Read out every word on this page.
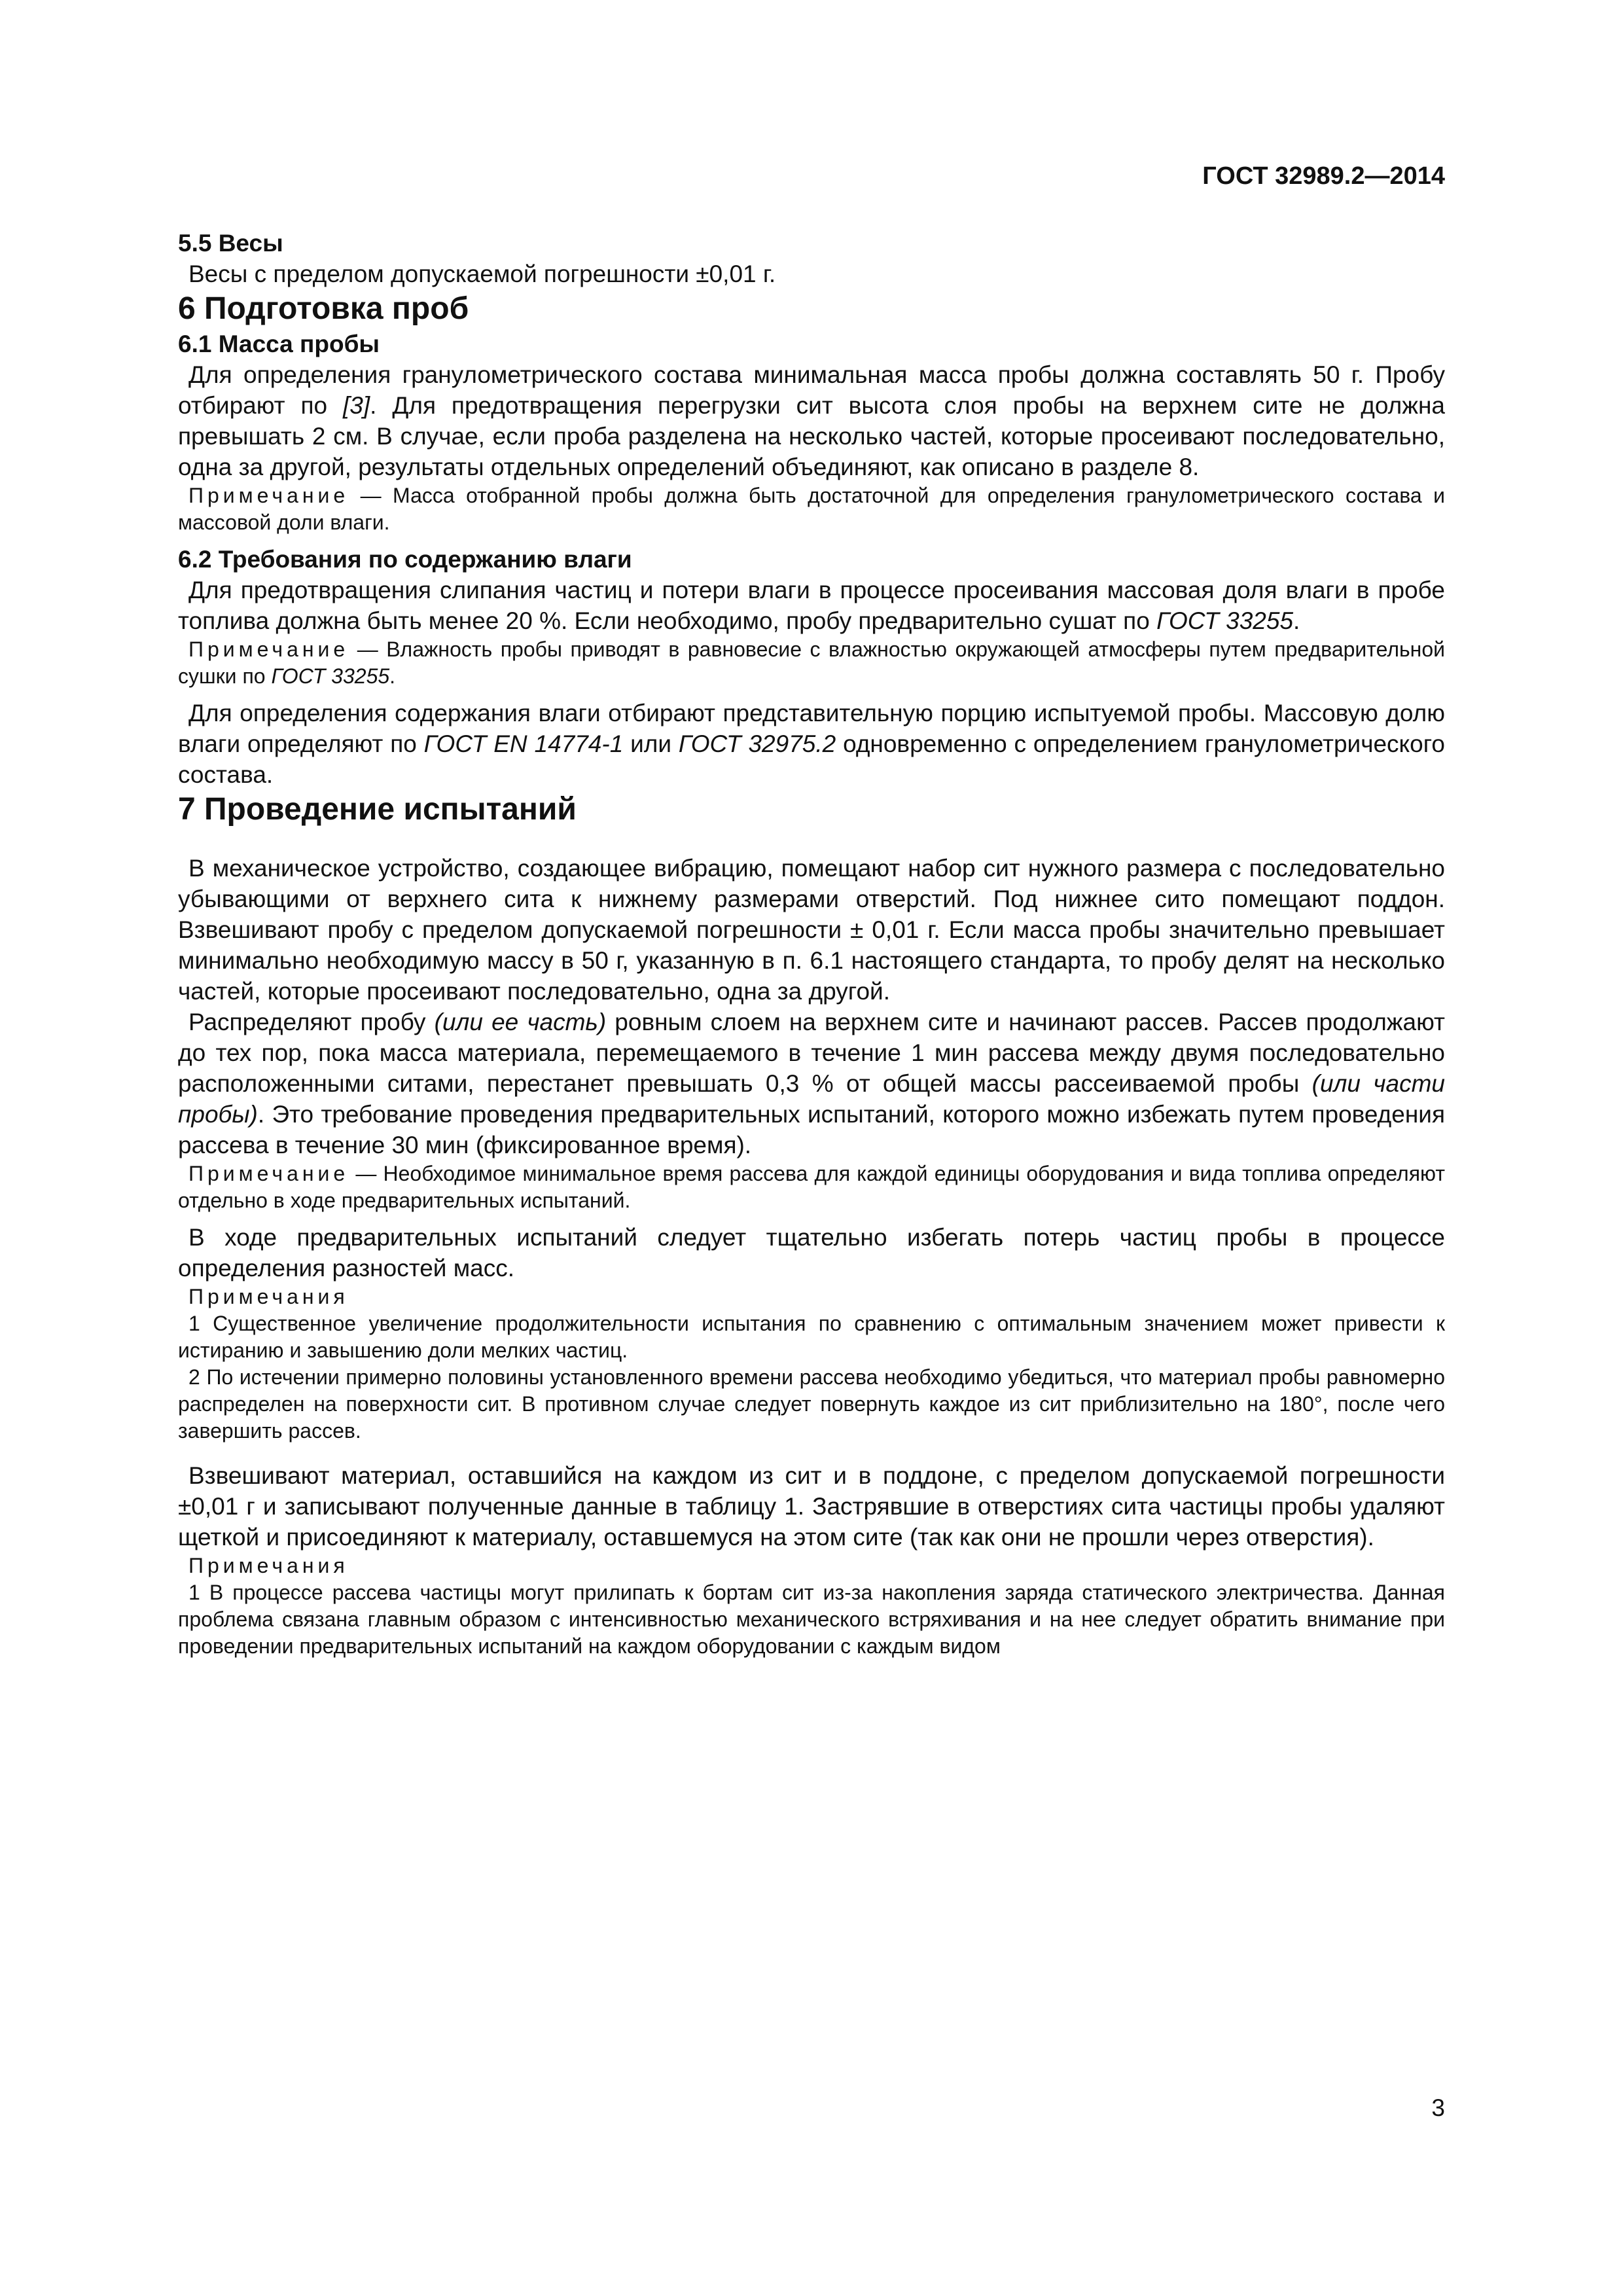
ГОСТ 32989.2—2014

5.5 Весы

Весы с пределом допускаемой погрешности ±0,01 г.

6 Подготовка проб

6.1 Масса пробы

Для определения гранулометрического состава минимальная масса пробы должна составлять 50 г. Пробу отбирают по [3]. Для предотвращения перегрузки сит высота слоя пробы на верхнем сите не должна превышать 2 см. В случае, если проба разделена на несколько частей, которые просеивают последовательно, одна за другой, результаты отдельных определений объединяют, как описано в разделе 8.

Примечание — Масса отобранной пробы должна быть достаточной для определения гранулометрического состава и массовой доли влаги.

6.2 Требования по содержанию влаги

Для предотвращения слипания частиц и потери влаги в процессе просеивания массовая доля влаги в пробе топлива должна быть менее 20 %. Если необходимо, пробу предварительно сушат по ГОСТ 33255.

Примечание — Влажность пробы приводят в равновесие с влажностью окружающей атмосферы путем предварительной сушки по ГОСТ 33255.

Для определения содержания влаги отбирают представительную порцию испытуемой пробы. Массовую долю влаги определяют по ГОСТ EN 14774-1 или ГОСТ 32975.2 одновременно с определением гранулометрического состава.

7 Проведение испытаний

В механическое устройство, создающее вибрацию, помещают набор сит нужного размера с последовательно убывающими от верхнего сита к нижнему размерами отверстий. Под нижнее сито помещают поддон. Взвешивают пробу с пределом допускаемой погрешности ± 0,01 г. Если масса пробы значительно превышает минимально необходимую массу в 50 г, указанную в п. 6.1 настоящего стандарта, то пробу делят на несколько частей, которые просеивают последовательно, одна за другой.

Распределяют пробу (или ее часть) ровным слоем на верхнем сите и начинают рассев. Рассев продолжают до тех пор, пока масса материала, перемещаемого в течение 1 мин рассева между двумя последовательно расположенными ситами, перестанет превышать 0,3 % от общей массы рассеиваемой пробы (или части пробы). Это требование проведения предварительных испытаний, которого можно избежать путем проведения рассева в течение 30 мин (фиксированное время).

Примечание — Необходимое минимальное время рассева для каждой единицы оборудования и вида топлива определяют отдельно в ходе предварительных испытаний.

В ходе предварительных испытаний следует тщательно избегать потерь частиц пробы в процессе определения разностей масс.

Примечания

1 Существенное увеличение продолжительности испытания по сравнению с оптимальным значением может привести к истиранию и завышению доли мелких частиц.

2 По истечении примерно половины установленного времени рассева необходимо убедиться, что материал пробы равномерно распределен на поверхности сит. В противном случае следует повернуть каждое из сит приблизительно на 180°, после чего завершить рассев.

Взвешивают материал, оставшийся на каждом из сит и в поддоне, с пределом допускаемой погрешности ±0,01 г и записывают полученные данные в таблицу 1. Застрявшие в отверстиях сита частицы пробы удаляют щеткой и присоединяют к материалу, оставшемуся на этом сите (так как они не прошли через отверстия).

Примечания

1 В процессе рассева частицы могут прилипать к бортам сит из-за накопления заряда статического электричества. Данная проблема связана главным образом с интенсивностью механического встряхивания и на нее следует обратить внимание при проведении предварительных испытаний на каждом оборудовании с каждым видом

3
